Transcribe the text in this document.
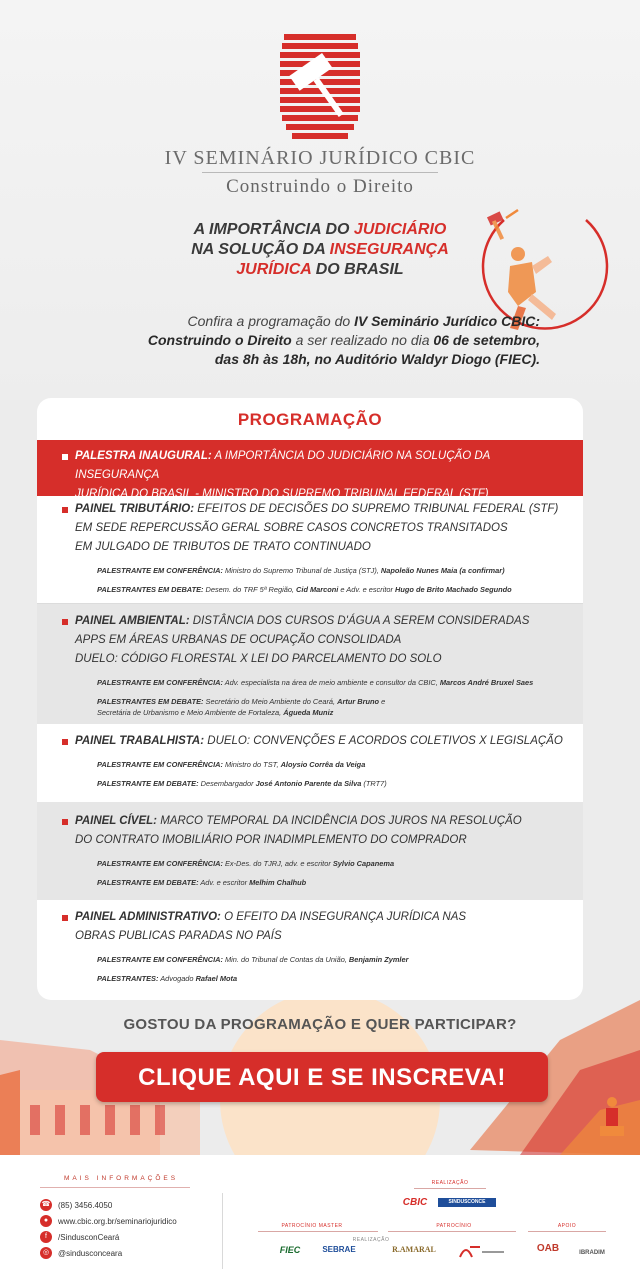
IV SEMINÁRIO JURÍDICO CBIC
Construindo o Direito
A IMPORTÂNCIA DO JUDICIÁRIO
NA SOLUÇÃO DA INSEGURANÇA
JURÍDICA DO BRASIL
Confira a programação do IV Seminário Jurídico CBIC:
Construindo o Direito a ser realizado no dia 06 de setembro,
das 8h às 18h, no Auditório Waldyr Diogo (FIEC).
PROGRAMAÇÃO
PALESTRA INAUGURAL: A IMPORTÂNCIA DO JUDICIÁRIO NA SOLUÇÃO DA INSEGURANÇA
JURÍDICA DO BRASIL - MINISTRO DO SUPREMO TRIBUNAL FEDERAL (STF)
PAINEL TRIBUTÁRIO: EFEITOS DE DECISÕES DO SUPREMO TRIBUNAL FEDERAL (STF)
EM SEDE REPERCUSSÃO GERAL SOBRE CASOS CONCRETOS TRANSITADOS
EM JULGADO DE TRIBUTOS DE TRATO CONTINUADO

PALESTRANTE EM CONFERÊNCIA: Ministro do Supremo Tribunal de Justiça (STJ), Napoleão Nunes Maia (a confirmar)

PALESTRANTES EM DEBATE: Desem. do TRF 5ª Região, Cid Marconi e Adv. e escritor Hugo de Brito Machado Segundo

PAINEL AMBIENTAL: DISTÂNCIA DOS CURSOS D'ÁGUA A SEREM CONSIDERADAS
APPS EM ÁREAS URBANAS DE OCUPAÇÃO CONSOLIDADA
DUELO: CÓDIGO FLORESTAL X LEI DO PARCELAMENTO DO SOLO

PALESTRANTE EM CONFERÊNCIA: Adv. especialista na área de meio ambiente e consultor da CBIC, Marcos André Bruxel Saes

PALESTRANTES EM DEBATE: Secretário do Meio Ambiente do Ceará, Artur Bruno e
Secretária de Urbanismo e Meio Ambiente de Fortaleza, Águeda Muniz

PAINEL TRABALHISTA: DUELO: CONVENÇÕES E ACORDOS COLETIVOS X LEGISLAÇÃO

PALESTRANTE EM CONFERÊNCIA: Ministro do TST, Aloysio Corrêa da Veiga

PALESTRANTE EM DEBATE: Desembargador José Antonio Parente da Silva (TRT7)

PAINEL CÍVEL: MARCO TEMPORAL DA INCIDÊNCIA DOS JUROS NA RESOLUÇÃO
DO CONTRATO IMOBILIÁRIO POR INADIMPLEMENTO DO COMPRADOR

PALESTRANTE EM CONFERÊNCIA: Ex-Des. do TJRJ, adv. e escritor Sylvio Capanema

PALESTRANTE EM DEBATE: Adv. e escritor Melhim Chalhub

PAINEL ADMINISTRATIVO: O EFEITO DA INSEGURANÇA JURÍDICA NAS
OBRAS PUBLICAS PARADAS NO PAÍS

PALESTRANTE EM CONFERÊNCIA: Min. do Tribunal de Contas da União, Benjamin Zymler

PALESTRANTES: Advogado Rafael Mota

GOSTOU DA PROGRAMAÇÃO E QUER PARTICIPAR?
CLIQUE AQUI E SE INSCREVA!
MAIS INFORMAÇÕES
☎ (85) 3456.4050
●	www.cbic.org.br/seminariojuridico
f	/SindusconCeará
◎	@sindusconceara
REALIZAÇÃO
CBIC	SINDUSCONCE
PATROCÍNIO MASTER	PATROCÍNIO	APOIO
FIEC
REALIZAÇÃO
SEBRAE	R.AMARAL	OAB	IBRADIM
